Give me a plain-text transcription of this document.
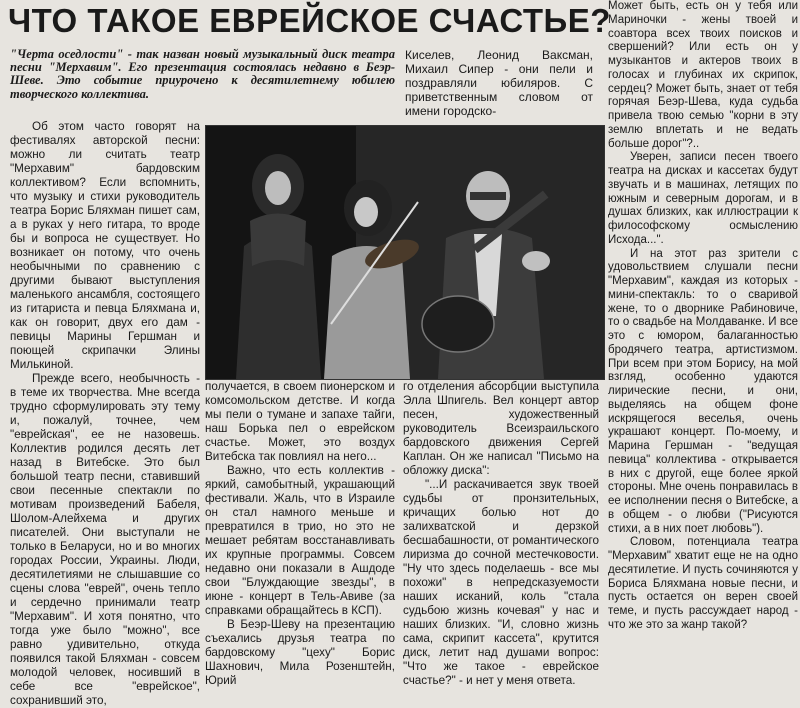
ЧТО ТАКОЕ ЕВРЕЙСКОЕ СЧАСТЬЕ?
"Черта оседлости" - так назван новый музыкальный диск театра песни "Мерхавим". Его презентация состоялась недавно в Беэр-Шеве. Это событие приурочено к десятилетнему юбилею творческого коллектива.

Киселев, Леонид Ваксман, Михаил Сипер - они пели и поздравляли юбиляров. С приветственным словом от имени городско-

Об этом часто говорят на фестивалях авторской песни: можно ли считать театр "Мерхавим" бардовским коллективом? Если вспомнить, что музыку и стихи руководитель театра Борис Бляхман пишет сам, а в руках у него гитара, то вроде бы и вопроса не существует. Но возникает он потому, что очень необычными по сравнению с другими бывают выступления маленького ансамбля, состоящего из гитариста и певца Бляхмана и, как он говорит, двух его дам - певицы Марины Гершман и поющей скрипачки Элины Милькиной.

Прежде всего, необычность - в теме их творчества. Мне всегда трудно сформулировать эту тему и, пожалуй, точнее, чем "еврейская", ее не назовешь. Коллектив родился десять лет назад в Витебске. Это был большой театр песни, ставивший свои песенные спектакли по мотивам произведений Бабеля, Шолом-Алейхема и других писателей. Они выступали не только в Беларуси, но и во многих городах России, Украины. Люди, десятилетиями не слышавшие со сцены слова "еврей", очень тепло и сердечно принимали театр "Мерхавим". И хотя понятно, что тогда уже было "можно", все равно удивительно, откуда появился такой Бляхман - совсем молодой человек, носивший в себе все "еврейское", сохранивший это,

получается, в своем пионерском и комсомольском детстве. И когда мы пели о тумане и запахе тайги, наш Борька пел о еврейском счастье. Может, это воздух Витебска так повлиял на него...

Важно, что есть коллектив - яркий, самобытный, украшающий фестивали. Жаль, что в Израиле он стал намного меньше и превратился в трио, но это не мешает ребятам восстанавливать их крупные программы. Совсем недавно они показали в Ашдоде свои "Блуждающие звезды", в июне - концерт в Тель-Авиве (за справками обращайтесь в КСП).

В Беэр-Шеву на презентацию съехались друзья театра по бардовскому "цеху" Борис Шахнович, Мила Розенштейн, Юрий

го отделения абсорбции выступила Элла Шпигель. Вел концерт автор песен, художественный руководитель Всеизраильского бардовского движения Сергей Каплан. Он же написал "Письмо на обложку диска":

"...И раскачивается звук твоей судьбы от пронзительных, кричащих болью нот до залихватской и дерзкой бесшабашности, от романтического лиризма до сочной местечковости. "Ну что здесь поделаешь - все мы похожи" в непредсказуемости наших исканий, коль "стала судьбою жизнь кочевая" у нас и наших близких. "И, словно жизнь сама, скрипит кассета", крутится диск, летит над душами вопрос: "Что же такое - еврейское счастье?" - и нет у меня ответа.

Может быть, есть он у тебя или Мариночки - жены твоей и соавтора всех твоих поисков и свершений? Или есть он у музыкантов и актеров твоих в голосах и глубинах их скрипок, сердец? Может быть, знает от тебя горячая Беэр-Шева, куда судьба привела твою семью "корни в эту землю вплетать и не ведать больше дорог"?..

Уверен, записи песен твоего театра на дисках и кассетах будут звучать и в машинах, летящих по южным и северным дорогам, и в душах близких, как иллюстрации к философскому осмыслению Исхода...".

И на этот раз зрители с удовольствием слушали песни "Мерхавим", каждая из которых - мини-спектакль: то о сваривой жене, то о дворнике Рабиновиче, то о свадьбе на Молдаванке. И все это с юмором, балаганностью бродячего театра, артистизмом. При всем при этом Борису, на мой взгляд, особенно удаются лирические песни, и они, выделяясь на общем фоне искрящегося веселья, очень украшают концерт. По-моему, и Марина Гершман - "ведущая певица" коллектива - открывается в них с другой, еще более яркой стороны. Мне очень понравилась в ее исполнении песня о Витебске, а в общем - о любви ("Рисуются стихи, а в них поет любовь").

Словом, потенциала театра "Мерхавим" хватит еще не на одно десятилетие. И пусть сочиняются у Бориса Бляхмана новые песни, и пусть остается он верен своей теме, и пусть рассуждает народ - что же это за жанр такой?
